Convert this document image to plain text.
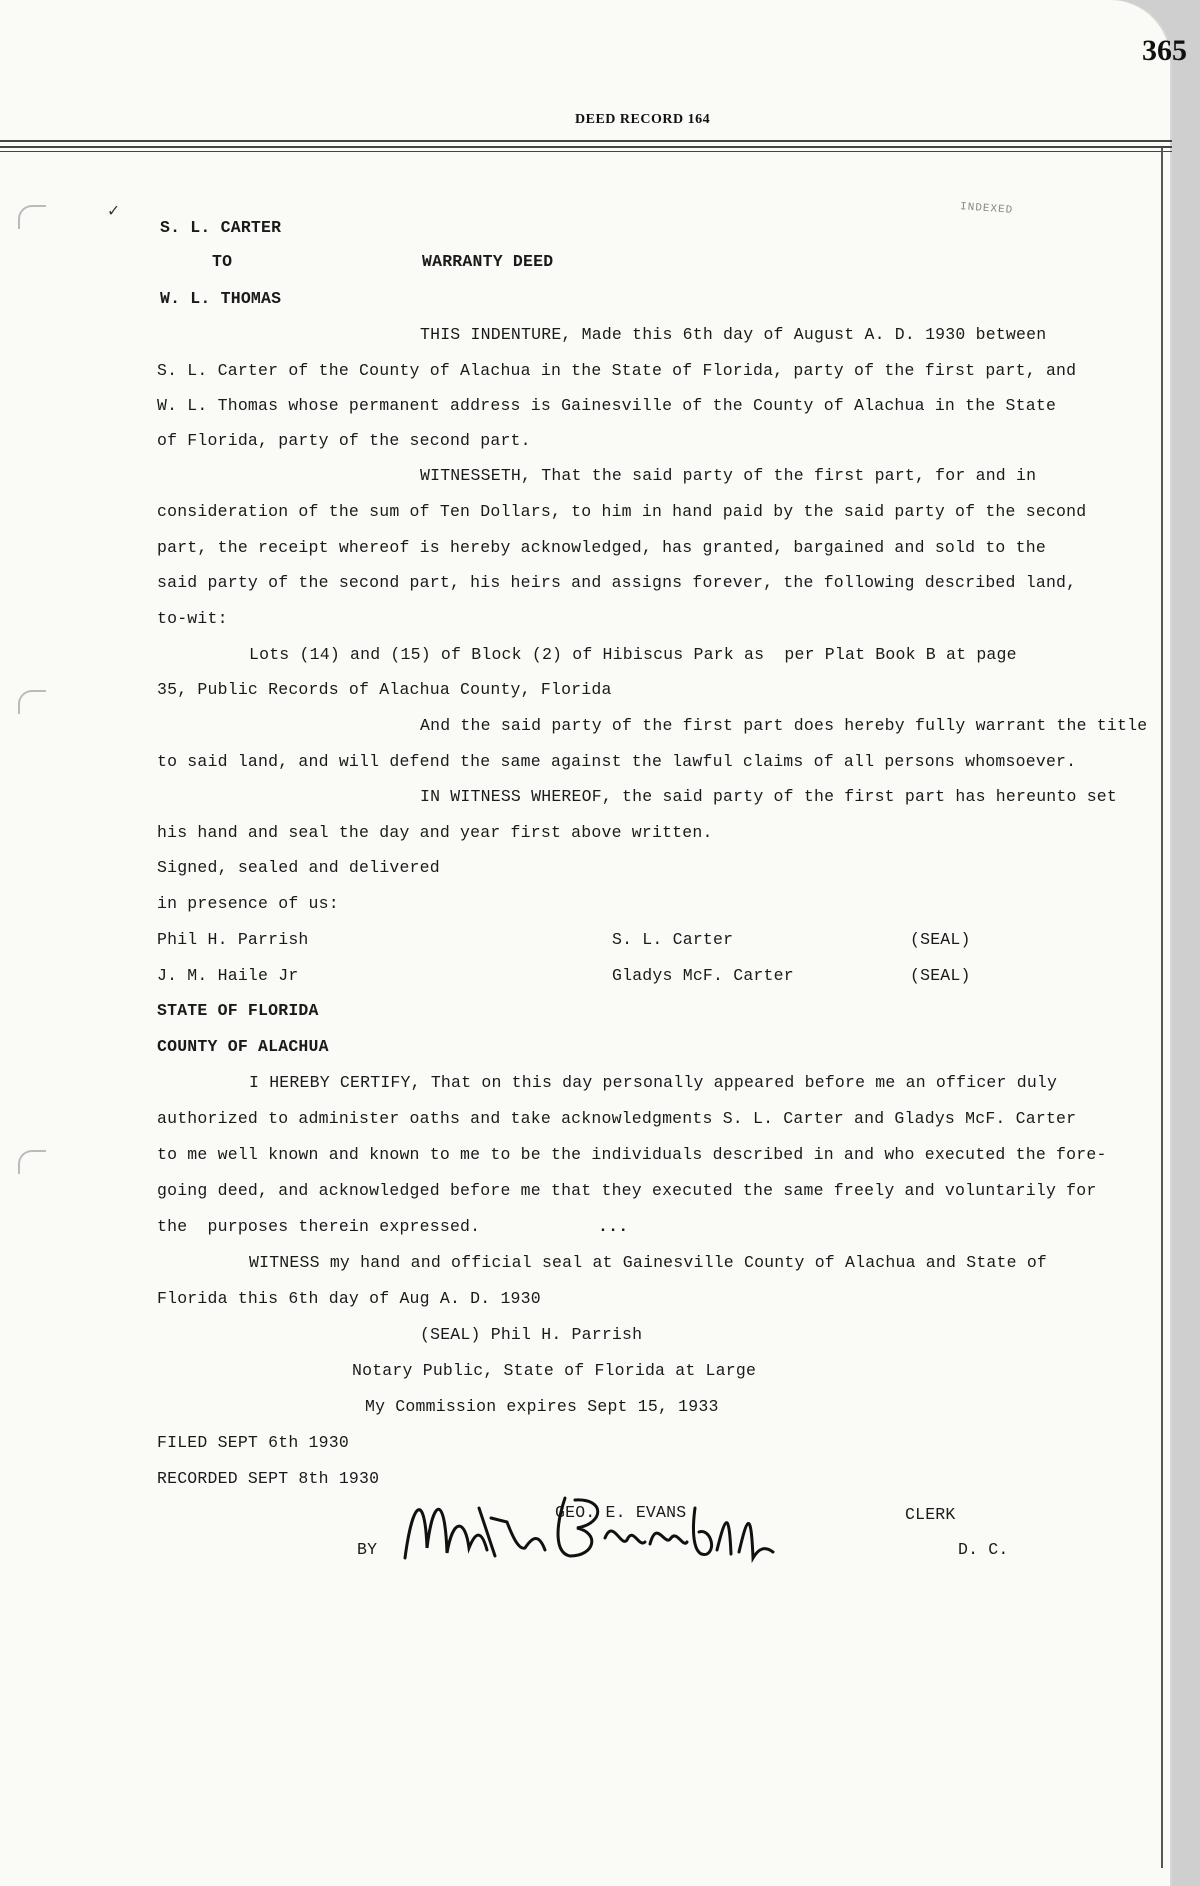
365
DEED RECORD 164
✓	INDEXED
S. L. CARTER
TO	WARRANTY DEED
W. L. THOMAS
THIS INDENTURE, Made this 6th day of August A. D. 1930 between
S. L. Carter of the County of Alachua in the State of Florida, party of the first part, and
W. L. Thomas whose permanent address is Gainesville of the County of Alachua in the State
of Florida, party of the second part.
WITNESSETH, That the said party of the first part, for and in
consideration of the sum of Ten Dollars, to him in hand paid by the said party of the second
part, the receipt whereof is hereby acknowledged, has granted, bargained and sold to the
said party of the second part, his heirs and assigns forever, the following described land,
to-wit:
Lots (14) and (15) of Block (2) of Hibiscus Park as  per Plat Book B at page
35, Public Records of Alachua County, Florida
And the said party of the first part does hereby fully warrant the title
to said land, and will defend the same against the lawful claims of all persons whomsoever.
IN WITNESS WHEREOF, the said party of the first part has hereunto set
his hand and seal the day and year first above written.
Signed, sealed and delivered
in presence of us:
Phil H. Parrish	S. L. Carter	(SEAL)
J. M. Haile Jr	Gladys McF. Carter	(SEAL)
STATE OF FLORIDA
COUNTY OF ALACHUA
I HEREBY CERTIFY, That on this day personally appeared before me an officer duly
authorized to administer oaths and take acknowledgments S. L. Carter and Gladys McF. Carter
to me well known and known to me to be the individuals described in and who executed the fore-
going deed, and acknowledged before me that they executed the same freely and voluntarily for
the  purposes therein expressed.	...
WITNESS my hand and official seal at Gainesville County of Alachua and State of
Florida this 6th day of Aug A. D. 1930
(SEAL) Phil H. Parrish
Notary Public, State of Florida at Large
My Commission expires Sept 15, 1933
FILED SEPT 6th 1930
RECORDED SEPT 8th 1930
GEO. E. EVANS	CLERK
BY	D. C.
